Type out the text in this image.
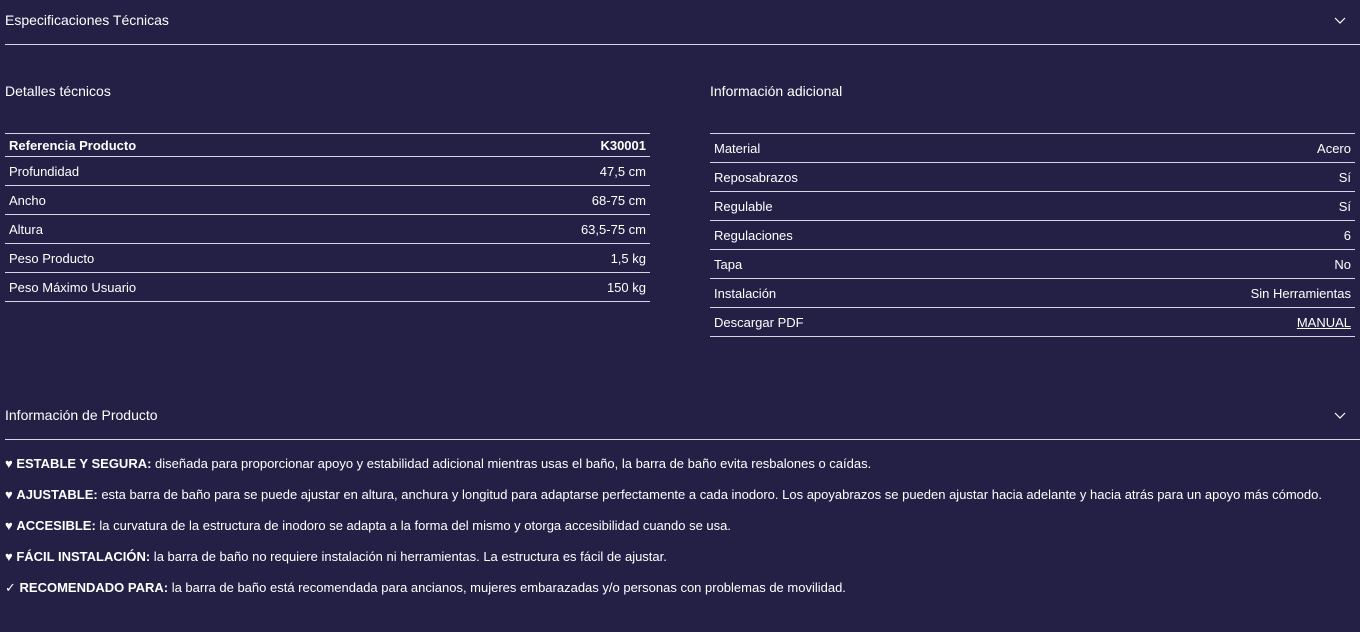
Especificaciones Técnicas
Detalles técnicos
Referencia Producto	K30001
Profundidad	47,5 cm
Ancho	68-75 cm
Altura	63,5-75 cm
Peso Producto	1,5 kg
Peso Máximo Usuario	150 kg
Información adicional
Material	Acero
Reposabrazos	Sí
Regulable	Sí
Regulaciones	6
Tapa	No
Instalación	Sin Herramientas
Descargar PDF	MANUAL
Información de Producto

♥ ESTABLE Y SEGURA: diseñada para proporcionar apoyo y estabilidad adicional mientras usas el baño, la barra de baño evita resbalones o caídas.

♥ AJUSTABLE: esta barra de baño para se puede ajustar en altura, anchura y longitud para adaptarse perfectamente a cada inodoro. Los apoyabrazos se pueden ajustar hacia adelante y hacia atrás para un apoyo más cómodo.

♥ ACCESIBLE: la curvatura de la estructura de inodoro se adapta a la forma del mismo y otorga accesibilidad cuando se usa.

♥ FÁCIL INSTALACIÓN: la barra de baño no requiere instalación ni herramientas. La estructura es fácil de ajustar.

✓ RECOMENDADO PARA: la barra de baño está recomendada para ancianos, mujeres embarazadas y/o personas con problemas de movilidad.
